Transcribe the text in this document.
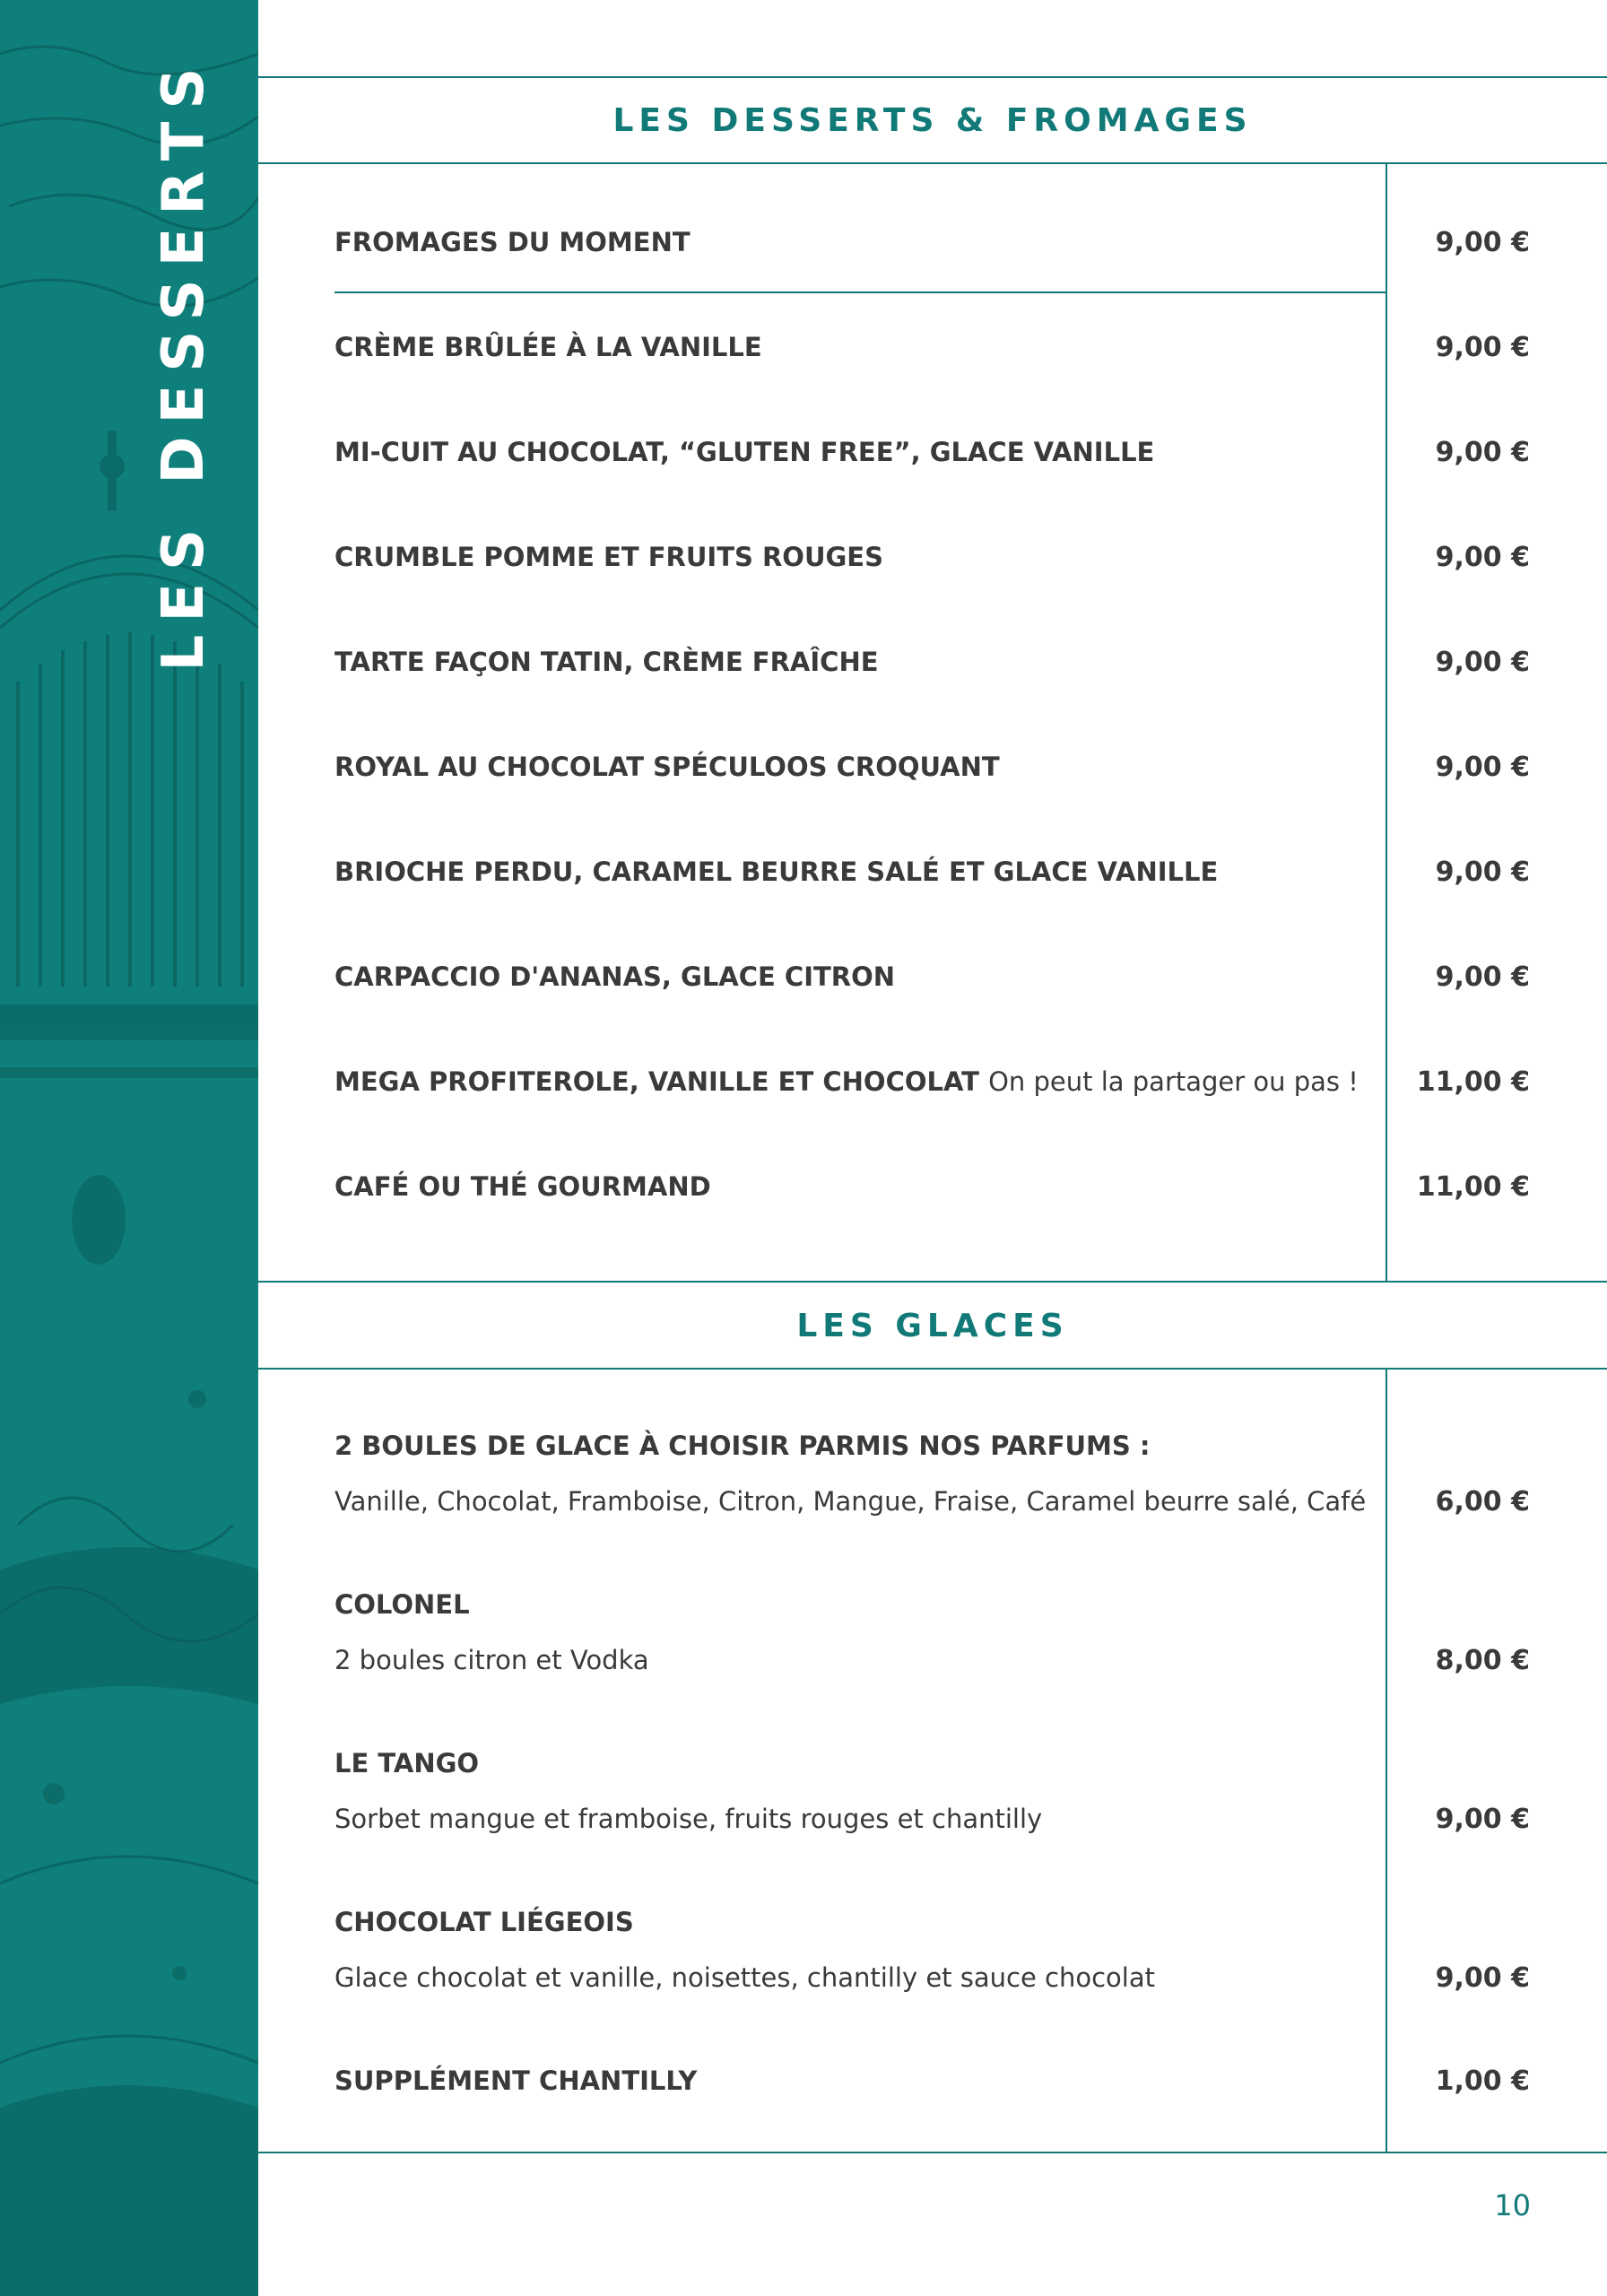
LES DESSERTS	LES DESSERTS & FROMAGES
FROMAGES DU MOMENT	9,00 €
CRÈME BRÛLÉE À LA VANILLE	9,00 €
MI-CUIT AU CHOCOLAT, “GLUTEN FREE”, GLACE VANILLE	9,00 €
CRUMBLE POMME ET FRUITS ROUGES	9,00 €
TARTE FAÇON TATIN, CRÈME FRAÎCHE	9,00 €
ROYAL AU CHOCOLAT SPÉCULOOS CROQUANT	9,00 €
BRIOCHE PERDU, CARAMEL BEURRE SALÉ ET GLACE VANILLE	9,00 €
CARPACCIO D'ANANAS, GLACE CITRON	9,00 €
MEGA PROFITEROLE, VANILLE ET CHOCOLAT On peut la partager ou pas ! 11,00 €
CAFÉ OU THÉ GOURMAND	11,00 €
LES GLACES
2 BOULES DE GLACE À CHOISIR PARMIS NOS PARFUMS :
Vanille, Chocolat, Framboise, Citron, Mangue, Fraise, Caramel beurre salé, Café	6,00 €
COLONEL
2 boules citron et Vodka	8,00 €
LE TANGO
Sorbet mangue et framboise, fruits rouges et chantilly	9,00 €
CHOCOLAT LIÉGEOIS
Glace chocolat et vanille, noisettes, chantilly et sauce chocolat	9,00 €
SUPPLÉMENT CHANTILLY	1,00 €
10
